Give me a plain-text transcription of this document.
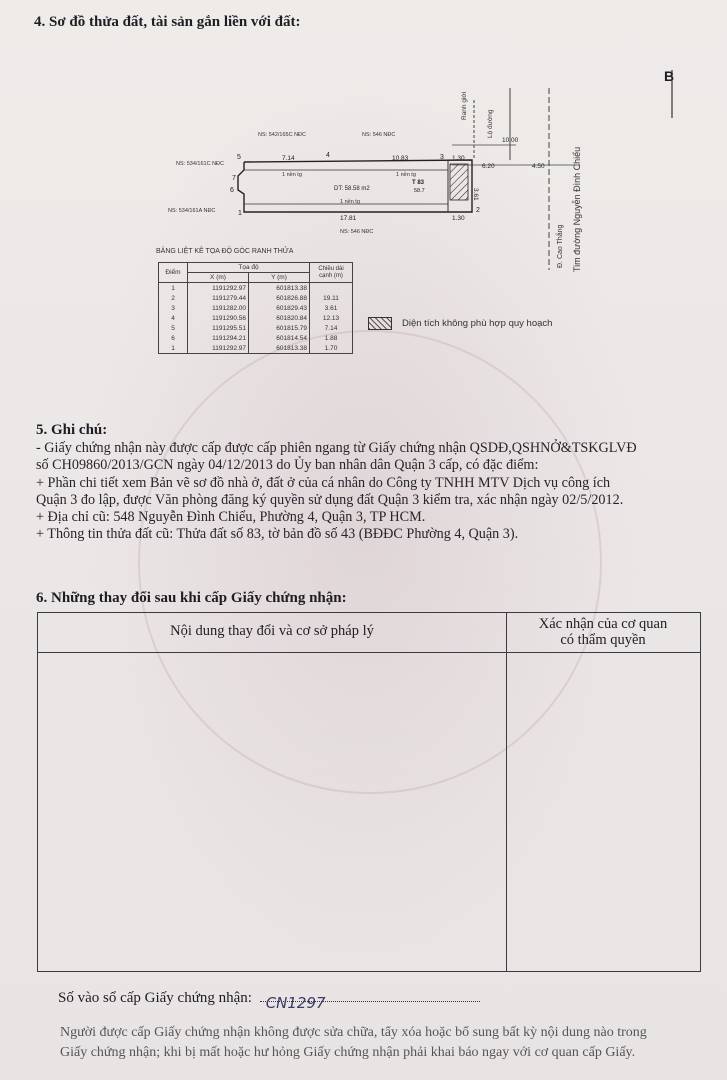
4. Sơ đồ thửa đất, tài sản gắn liền với đất:
B
NS: 542/165C NĐC	NS: 546 NĐC
NS: 534/161C NĐC
NS: 534/161A NĐC
NS: 546 NĐC
7.14	10.83	1.30
17.81	1.30
10.00
6.20	4.50
3.61
1 nền tg	1 nền tg
1 nền tg
DT: 58.58 m2
T 83
58.7
5	4	3
2
1
6
7
Ranh giới
Lộ đường
Tim đường Nguyễn Đình Chiểu
Đ. Cao Thắng
BẢNG LIỆT KÊ TỌA ĐỘ GÓC RANH THỬA
Điểm	Tọa độ		Chiều dài cạnh (m)
	X (m)	Y (m)	
1	1191292.97	601813.38	
2	1191279.44	601826.88	19.11
3	1191282.00	601829.43	3.61
4	1191290.56	601820.84	12.13
5	1191295.51	601815.79	7.14
6	1191294.21	601814.54	1.88
1	1191292.97	601813.38	1.70
Diện tích không phù hợp quy hoạch
5. Ghi chú:

- Giấy chứng nhận này được cấp được cấp phiên ngang từ Giấy chứng nhận QSDĐ,QSHNỞ&TSKGLVĐ

số CH09860/2013/GCN ngày 04/12/2013 do Ủy ban nhân dân Quận 3 cấp, có đặc điểm:

+ Phần chi tiết xem Bản vẽ sơ đồ nhà ở, đất ở của cá nhân do Công ty TNHH MTV Dịch vụ công ích

Quận 3 đo lập, được Văn phòng đăng ký quyền sử dụng đất Quận 3 kiểm tra, xác nhận ngày 02/5/2012.

+ Địa chỉ cũ: 548 Nguyễn Đình Chiểu, Phường 4, Quận 3, TP HCM.

+ Thông tin thửa đất cũ: Thửa đất số 83, tờ bản đồ số 43 (BĐĐC Phường 4, Quận 3).

6. Những thay đổi sau khi cấp Giấy chứng nhận:
Nội dung thay đổi và cơ sở pháp lý	Xác nhận của cơ quan
có thẩm quyền
Số vào sổ cấp Giấy chứng nhận: CN1297

Người được cấp Giấy chứng nhận không được sửa chữa, tẩy xóa hoặc bổ sung bất kỳ nội dung nào trong

Giấy chứng nhận; khi bị mất hoặc hư hỏng Giấy chứng nhận phải khai báo ngay với cơ quan cấp Giấy.
